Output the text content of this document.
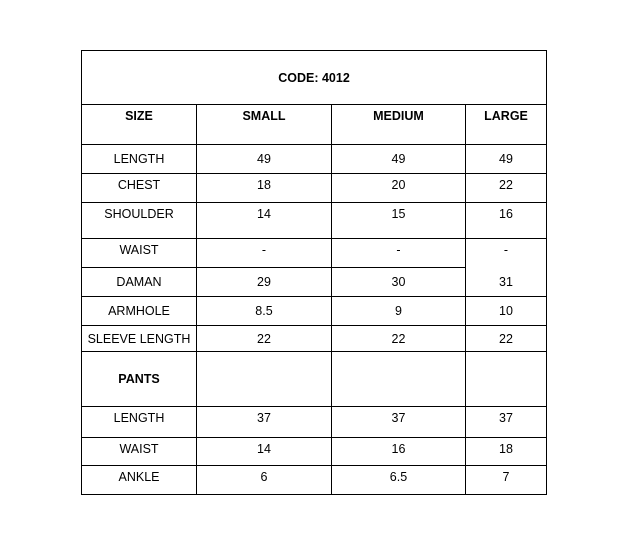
CODE: 4012			
SIZE	SMALL	MEDIUM	LARGE
LENGTH	49	49	49
CHEST	18	20	22
SHOULDER	14	15	16
WAIST	-	-	-
DAMAN	29	30	31
ARMHOLE	8.5	9	10
SLEEVE LENGTH	22	22	22
PANTS			
LENGTH	37	37	37
WAIST	14	16	18
ANKLE	6	6.5	7
